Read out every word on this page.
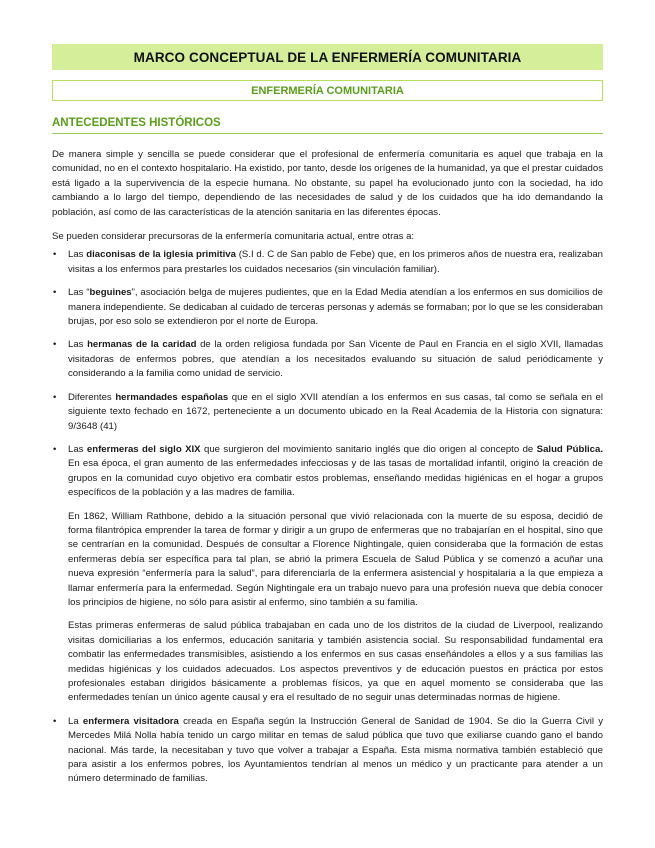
MARCO CONCEPTUAL DE LA ENFERMERÍA COMUNITARIA
ENFERMERÍA COMUNITARIA
ANTECEDENTES HISTÓRICOS

De manera simple y sencilla se puede considerar que el profesional de enfermería comunitaria es aquel que trabaja en la comunidad, no en el contexto hospitalario. Ha existido, por tanto, desde los orígenes de la humanidad, ya que el prestar cuidados está ligado a la supervivencia de la especie humana. No obstante, su papel ha evolucionado junto con la sociedad, ha ido cambiando a lo largo del tiempo, dependiendo de las necesidades de salud y de los cuidados que ha ido demandando la población, así como de las características de la atención sanitaria en las diferentes épocas.

Se pueden considerar precursoras de la enfermería comunitaria actual, entre otras a:

• Las diaconisas de la iglesia primitiva (S.I d. C de San pablo de Febe) que, en los primeros años de nuestra era, realizaban visitas a los enfermos para prestarles los cuidados necesarios (sin vinculación familiar).
• Las “beguines”, asociación belga de mujeres pudientes, que en la Edad Media atendían a los enfermos en sus domicilios de manera independiente. Se dedicaban al cuidado de terceras personas y además se formaban; por lo que se les consideraban brujas, por eso solo se extendieron por el norte de Europa.
• Las hermanas de la caridad de la orden religiosa fundada por San Vicente de Paul en Francia en el siglo XVII, llamadas visitadoras de enfermos pobres, que atendían a los necesitados evaluando su situación de salud periódicamente y considerando a la familia como unidad de servicio.
• Diferentes hermandades españolas que en el siglo XVII atendían a los enfermos en sus casas, tal como se señala en el siguiente texto fechado en 1672, perteneciente a un documento ubicado en la Real Academia de la Historia con signatura: 9/3648 (41)
• Las enfermeras del siglo XIX que surgieron del movimiento sanitario inglés que dio origen al concepto de Salud Pública. En esa época, el gran aumento de las enfermedades infecciosas y de las tasas de mortalidad infantil, originó la creación de grupos en la comunidad cuyo objetivo era combatir estos problemas, enseñando medidas higiénicas en el hogar a grupos específicos de la población y a las madres de familia.

En 1862, William Rathbone, debido a la situación personal que vivió relacionada con la muerte de su esposa, decidió de forma filantrópica emprender la tarea de formar y dirigir a un grupo de enfermeras que no trabajarían en el hospital, sino que se centrarían en la comunidad. Después de consultar a Florence Nightingale, quien consideraba que la formación de estas enfermeras debía ser específica para tal plan, se abrió la primera Escuela de Salud Pública y se comenzó a acuñar una nueva expresión “enfermería para la salud”, para diferenciarla de la enfermera asistencial y hospitalaria a la que empieza a llamar enfermería para la enfermedad. Según Nightingale era un trabajo nuevo para una profesión nueva que debía conocer los principios de higiene, no sólo para asistir al enfermo, sino también a su familia.

Estas primeras enfermeras de salud pública trabajaban en cada uno de los distritos de la ciudad de Liverpool, realizando visitas domiciliarias a los enfermos, educación sanitaria y también asistencia social. Su responsabilidad fundamental era combatir las enfermedades transmisibles, asistiendo a los enfermos en sus casas enseñándoles a ellos y a sus familias las medidas higiénicas y los cuidados adecuados. Los aspectos preventivos y de educación puestos en práctica por estos profesionales estaban dirigidos básicamente a problemas físicos, ya que en aquel momento se consideraba que las enfermedades tenían un único agente causal y era el resultado de no seguir unas determinadas normas de higiene.

• La enfermera visitadora creada en España según la Instrucción General de Sanidad de 1904. Se dio la Guerra Civil y Mercedes Milá Nolla había tenido un cargo militar en temas de salud pública que tuvo que exiliarse cuando gano el bando nacional. Más tarde, la necesitaban y tuvo que volver a trabajar a España. Esta misma normativa también estableció que para asistir a los enfermos pobres, los Ayuntamientos tendrían al menos un médico y un practicante para atender a un número determinado de familias.
